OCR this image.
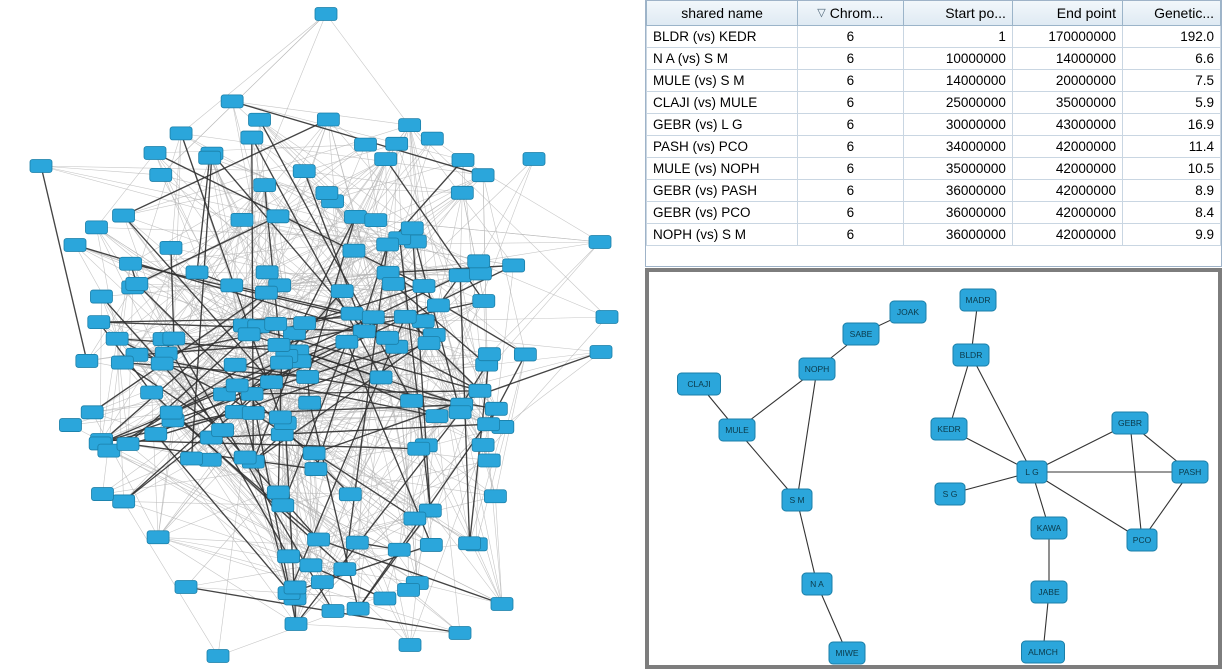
shared name	▽ Chrom...	Start po...	End point	Genetic...

BLDR (vs) KEDR	6	1	170000000	192.0
N A (vs) S M	6	10000000	14000000	6.6
MULE (vs) S M	6	14000000	20000000	7.5
CLAJI (vs) MULE	6	25000000	35000000	5.9
GEBR (vs) L G	6	30000000	43000000	16.9
PASH (vs) PCO	6	34000000	42000000	11.4
MULE (vs) NOPH	6	35000000	42000000	10.5
GEBR (vs) PASH	6	36000000	42000000	8.9
GEBR (vs) PCO	6	36000000	42000000	8.4
NOPH (vs) S M	6	36000000	42000000	9.9
JOAK
SABE
NOPH
CLAJI
MULE
S M
N A
MIWE
MADR
BLDR
KEDR
S G
L G
GEBR
PASH
PCO
KAWA
JABE
ALMCH
